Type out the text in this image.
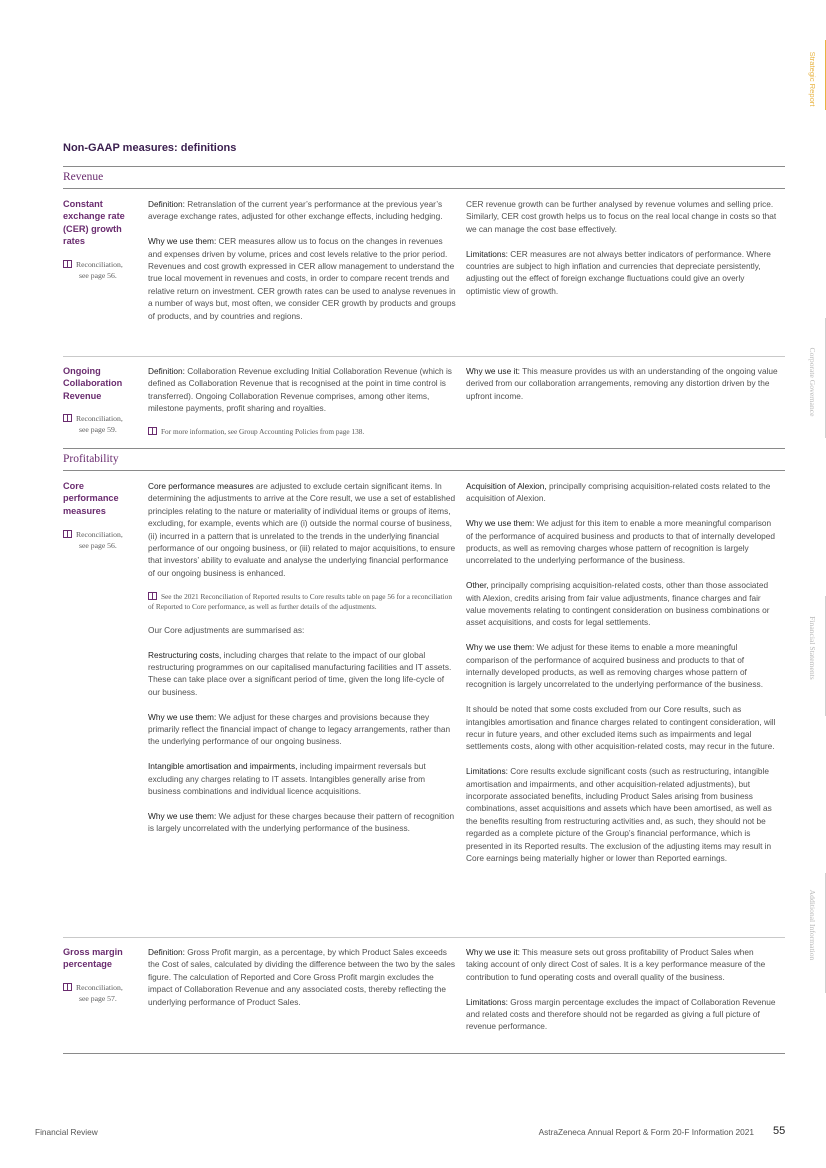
Strategic Report
Corporate Governance
Financial Statements
Additional Information
Non-GAAP measures: definitions
Revenue
Constant
exchange rate
(CER) growth
rates
Reconciliation,
see page 56.

Definition: Retranslation of the current year’s performance at the previous year’s average exchange rates, adjusted for other exchange effects, including hedging.

Why we use them: CER measures allow us to focus on the changes in revenues and expenses driven by volume, prices and cost levels relative to the prior period. Revenues and cost growth expressed in CER allow management to understand the true local movement in revenues and costs, in order to compare recent trends and relative return on investment. CER growth rates can be used to analyse revenues in a number of ways but, most often, we consider CER growth by products and groups of products, and by countries and regions.

CER revenue growth can be further analysed by revenue volumes and selling price. Similarly, CER cost growth helps us to focus on the real local change in costs so that we can manage the cost base effectively.

Limitations: CER measures are not always better indicators of performance. Where countries are subject to high inflation and currencies that depreciate persistently, adjusting out the effect of foreign exchange fluctuations could give an overly optimistic view of growth.

Ongoing
Collaboration
Revenue
Reconciliation,
see page 59.

Definition: Collaboration Revenue excluding Initial Collaboration Revenue (which is defined as Collaboration Revenue that is recognised at the point in time control is transferred). Ongoing Collaboration Revenue comprises, among other items, milestone payments, profit sharing and royalties.

For more information, see Group Accounting Policies from page 138.

Why we use it: This measure provides us with an understanding of the ongoing value derived from our collaboration arrangements, removing any distortion driven by the upfront income.

Profitability
Core
performance
measures
Reconciliation,
see page 56.

Core performance measures are adjusted to exclude certain significant items. In determining the adjustments to arrive at the Core result, we use a set of established principles relating to the nature or materiality of individual items or groups of items, excluding, for example, events which are (i) outside the normal course of business, (ii) incurred in a pattern that is unrelated to the trends in the underlying financial performance of our ongoing business, or (iii) related to major acquisitions, to ensure that investors’ ability to evaluate and analyse the underlying financial performance of our ongoing business is enhanced.

See the 2021 Reconciliation of Reported results to Core results table on page 56 for a reconciliation of Reported to Core performance, as well as further details of the adjustments.

Our Core adjustments are summarised as:

Restructuring costs, including charges that relate to the impact of our global restructuring programmes on our capitalised manufacturing facilities and IT assets. These can take place over a significant period of time, given the long life-cycle of our business.

Why we use them: We adjust for these charges and provisions because they primarily reflect the financial impact of change to legacy arrangements, rather than the underlying performance of our ongoing business.

Intangible amortisation and impairments, including impairment reversals but excluding any charges relating to IT assets. Intangibles generally arise from business combinations and individual licence acquisitions.

Why we use them: We adjust for these charges because their pattern of recognition is largely uncorrelated with the underlying performance of the business.

Acquisition of Alexion, principally comprising acquisition-related costs related to the acquisition of Alexion.

Why we use them: We adjust for this item to enable a more meaningful comparison of the performance of acquired business and products to that of internally developed products, as well as removing charges whose pattern of recognition is largely uncorrelated to the underlying performance of the business.

Other, principally comprising acquisition-related costs, other than those associated with Alexion, credits arising from fair value adjustments, finance charges and fair value movements relating to contingent consideration on business combinations or asset acquisitions, and costs for legal settlements.

Why we use them: We adjust for these items to enable a more meaningful comparison of the performance of acquired business and products to that of internally developed products, as well as removing charges whose pattern of recognition is largely uncorrelated to the underlying performance of the business.

It should be noted that some costs excluded from our Core results, such as intangibles amortisation and finance charges related to contingent consideration, will recur in future years, and other excluded items such as impairments and legal settlements costs, along with other acquisition-related costs, may recur in the future.

Limitations: Core results exclude significant costs (such as restructuring, intangible amortisation and impairments, and other acquisition-related adjustments), but incorporate associated benefits, including Product Sales arising from business combinations, asset acquisitions and assets which have been amortised, as well as the benefits resulting from restructuring activities and, as such, they should not be regarded as a complete picture of the Group’s financial performance, which is presented in its Reported results. The exclusion of the adjusting items may result in Core earnings being materially higher or lower than Reported earnings.

Gross margin
percentage
Reconciliation,
see page 57.

Definition: Gross Profit margin, as a percentage, by which Product Sales exceeds the Cost of sales, calculated by dividing the difference between the two by the sales figure. The calculation of Reported and Core Gross Profit margin excludes the impact of Collaboration Revenue and any associated costs, thereby reflecting the underlying performance of Product Sales.

Why we use it: This measure sets out gross profitability of Product Sales when taking account of only direct Cost of sales. It is a key performance measure of the contribution to fund operating costs and overall quality of the business.

Limitations: Gross margin percentage excludes the impact of Collaboration Revenue and related costs and therefore should not be regarded as giving a full picture of revenue performance.

Financial Review	AstraZeneca Annual Report & Form 20-F Information 2021 55
